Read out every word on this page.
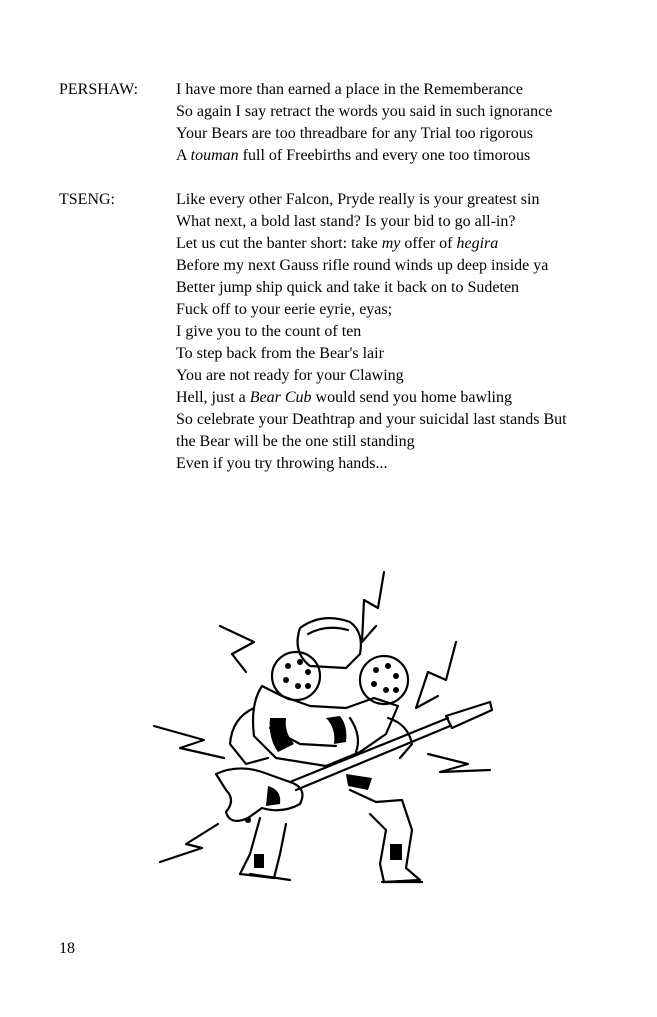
PERSHAW: I have more than earned a place in the Rememberance
So again I say retract the words you said in such ignorance
Your Bears are too threadbare for any Trial too rigorous
A touman full of Freebirths and every one too timorous
TSENG:	Like every other Falcon, Pryde really is your greatest sin
What next, a bold last stand? Is your bid to go all-in?
Let us cut the banter short: take my offer of hegira
Before my next Gauss rifle round winds up deep inside ya
Better jump ship quick and take it back on to Sudeten
Fuck off to your eerie eyrie, eyas;
I give you to the count of ten
To step back from the Bear's lair
You are not ready for your Clawing
Hell, just a Bear Cub would send you home bawling
So celebrate your Deathtrap and your suicidal last stands But
the Bear will be the one still standing
Even if you try throwing hands...
18
